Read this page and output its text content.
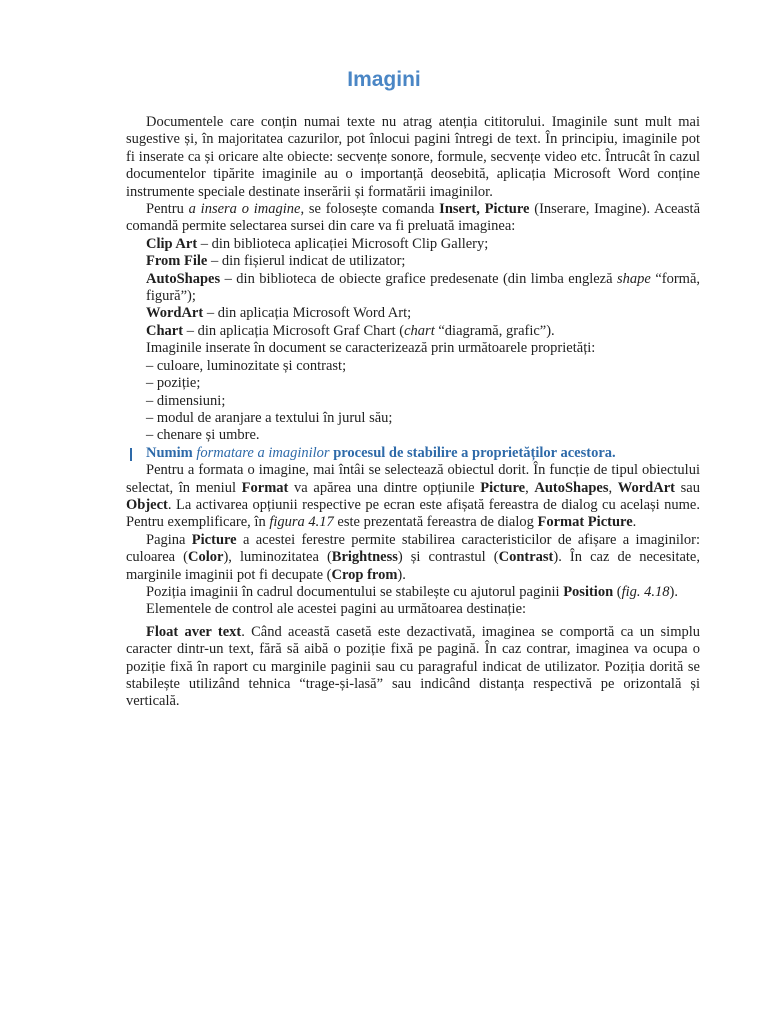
Imagini

Documentele care conțin numai texte nu atrag atenția cititorului. Imaginile sunt mult mai sugestive și, în majoritatea cazurilor, pot înlocui pagini întregi de text. În principiu, imaginile pot fi inserate ca și oricare alte obiecte: secvențe sonore, formule, secvențe video etc. Întrucât în cazul documentelor tipărite imaginile au o importanță deosebită, aplicația Microsoft Word conține instrumente speciale destinate inserării și formatării imaginilor.

Pentru a insera o imagine, se folosește comanda Insert, Picture (Inserare, Imagine). Această comandă permite selectarea sursei din care va fi preluată imaginea:

Clip Art – din biblioteca aplicației Microsoft Clip Gallery;

From File – din fișierul indicat de utilizator;

AutoShapes – din biblioteca de obiecte grafice predesenate (din limba engleză shape “formă, figură”);

WordArt – din aplicația Microsoft Word Art;

Chart – din aplicația Microsoft Graf Chart (chart “diagramă, grafic”).

Imaginile inserate în document se caracterizează prin următoarele proprietăți:

– culoare, luminozitate și contrast;

– poziție;

– dimensiuni;

– modul de aranjare a textului în jurul său;

– chenare și umbre.

Numim formatare a imaginilor procesul de stabilire a proprietăților acestora.

Pentru a formata o imagine, mai întâi se selectează obiectul dorit. În funcție de tipul obiectului selectat, în meniul Format va apărea una dintre opțiunile Picture, AutoShapes, WordArt sau Object. La activarea opțiunii respective pe ecran este afișată fereastra de dialog cu același nume. Pentru exemplificare, în figura 4.17 este prezentată fereastra de dialog Format Picture.

Pagina Picture a acestei ferestre permite stabilirea caracteristicilor de afișare a imaginilor: culoarea (Color), luminozitatea (Brightness) și contrastul (Contrast). În caz de necesitate, marginile imaginii pot fi decupate (Crop from).

Poziția imaginii în cadrul documentului se stabilește cu ajutorul paginii Position (fig. 4.18).

Elementele de control ale acestei pagini au următoarea destinație:

Float aver text. Când această casetă este dezactivată, imaginea se comportă ca un simplu caracter dintr-un text, fără să aibă o poziție fixă pe pagină. În caz contrar, imaginea va ocupa o poziție fixă în raport cu marginile paginii sau cu paragraful indicat de utilizator. Poziția dorită se stabilește utilizând tehnica “trage-și-lasă” sau indicând distanța respectivă pe orizontală și verticală.
